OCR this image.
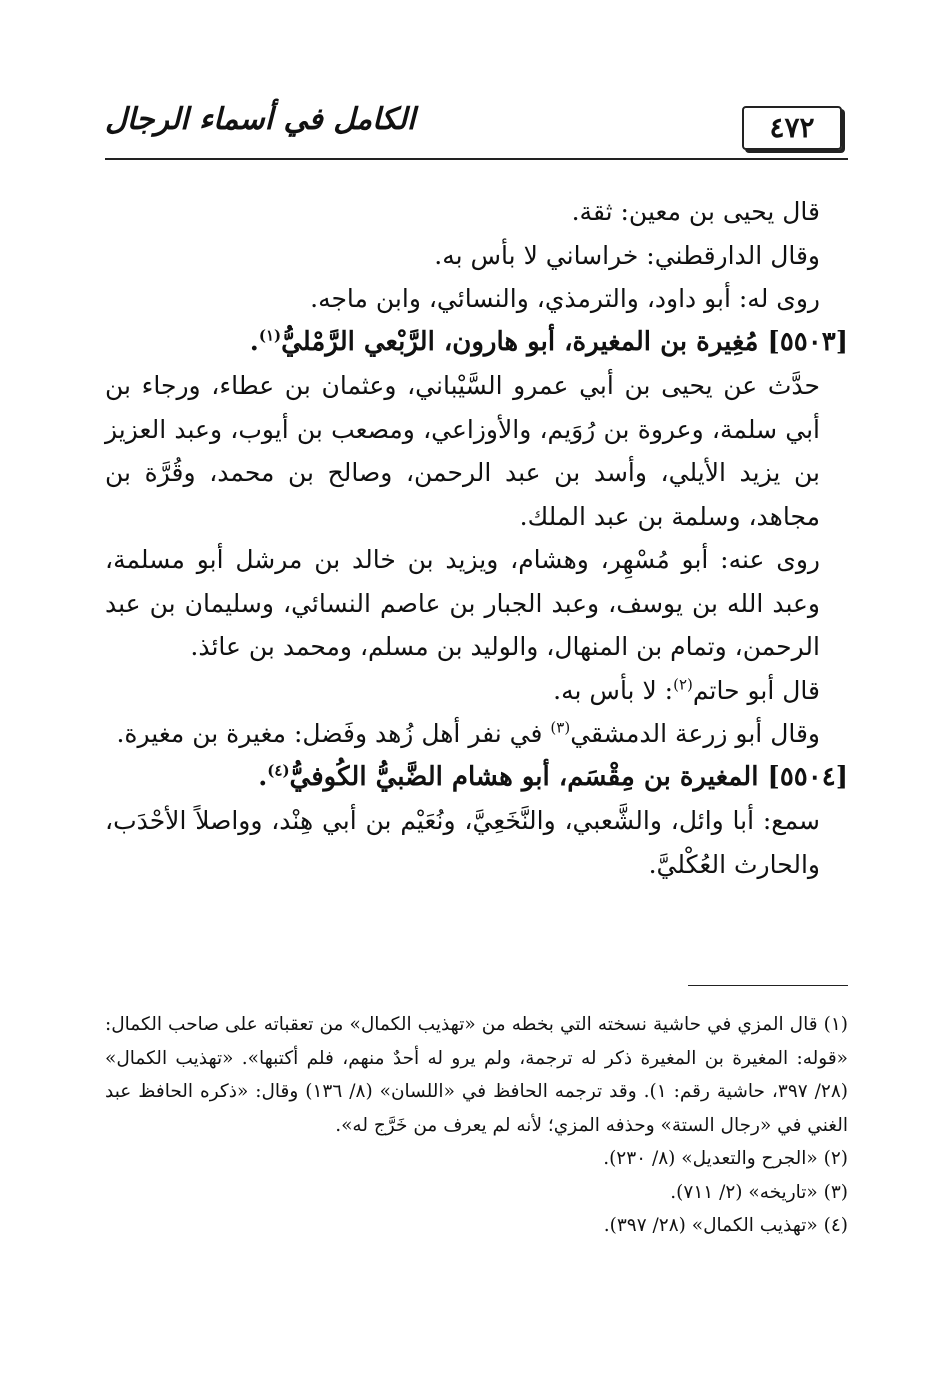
الكامل في أسماء الرجال	٤٧٢

قال يحيى بن معين: ثقة.

وقال الدارقطني: خراساني لا بأس به.

روى له: أبو داود، والترمذي، والنسائي، وابن ماجه.

[٥٥٠٣] مُغِيرة بن المغيرة، أبو هارون، الرَّبْعي الرَّمْليُّ$^{(١)}$.

حدَّث عن يحيى بن أبي عمرو السَّيْباني، وعثمان بن عطاء، ورجاء بن أبي سلمة، وعروة بن رُوَيم، والأوزاعي، ومصعب بن أيوب، وعبد العزيز بن يزيد الأيلي، وأسد بن عبد الرحمن، وصالح بن محمد، وقُرَّة بن مجاهد، وسلمة بن عبد الملك.

روى عنه: أبو مُسْهِر، وهشام، ويزيد بن خالد بن مرشل أبو مسلمة، وعبد الله بن يوسف، وعبد الجبار بن عاصم النسائي، وسليمان بن عبد الرحمن، وتمام بن المنهال، والوليد بن مسلم، ومحمد بن عائذ.

قال أبو حاتم$^{(٢)}$: لا بأس به.

وقال أبو زرعة الدمشقي$^{(٣)}$ في نفر أهل زُهد وفَضل: مغيرة بن مغيرة.

[٥٥٠٤] المغيرة بن مِقْسَم، أبو هشام الضَّبيُّ الكُوفيُّ$^{(٤)}$.

سمع: أبا وائل، والشَّعبي، والنَّخَعِيَّ، ونُعَيْم بن أبي هِنْد، وواصلاً الأحْدَب، والحارث العُكْليَّ.

(١) قال المزي في حاشية نسخته التي بخطه من «تهذيب الكمال» من تعقباته على صاحب الكمال: «قوله: المغيرة بن المغيرة ذكر له ترجمة، ولم يرو له أحدٌ منهم، فلم أكتبها». «تهذيب الكمال» (٢٨/ ٣٩٧، حاشية رقم: ١). وقد ترجمه الحافظ في «اللسان» (٨/ ١٣٦) وقال: «ذكره الحافظ عبد الغني في «رجال الستة» وحذفه المزي؛ لأنه لم يعرف من خَرَّج له».

(٢) «الجرح والتعديل» (٨/ ٢٣٠).

(٣) «تاريخه» (٢/ ٧١١).

(٤) «تهذيب الكمال» (٢٨/ ٣٩٧).
